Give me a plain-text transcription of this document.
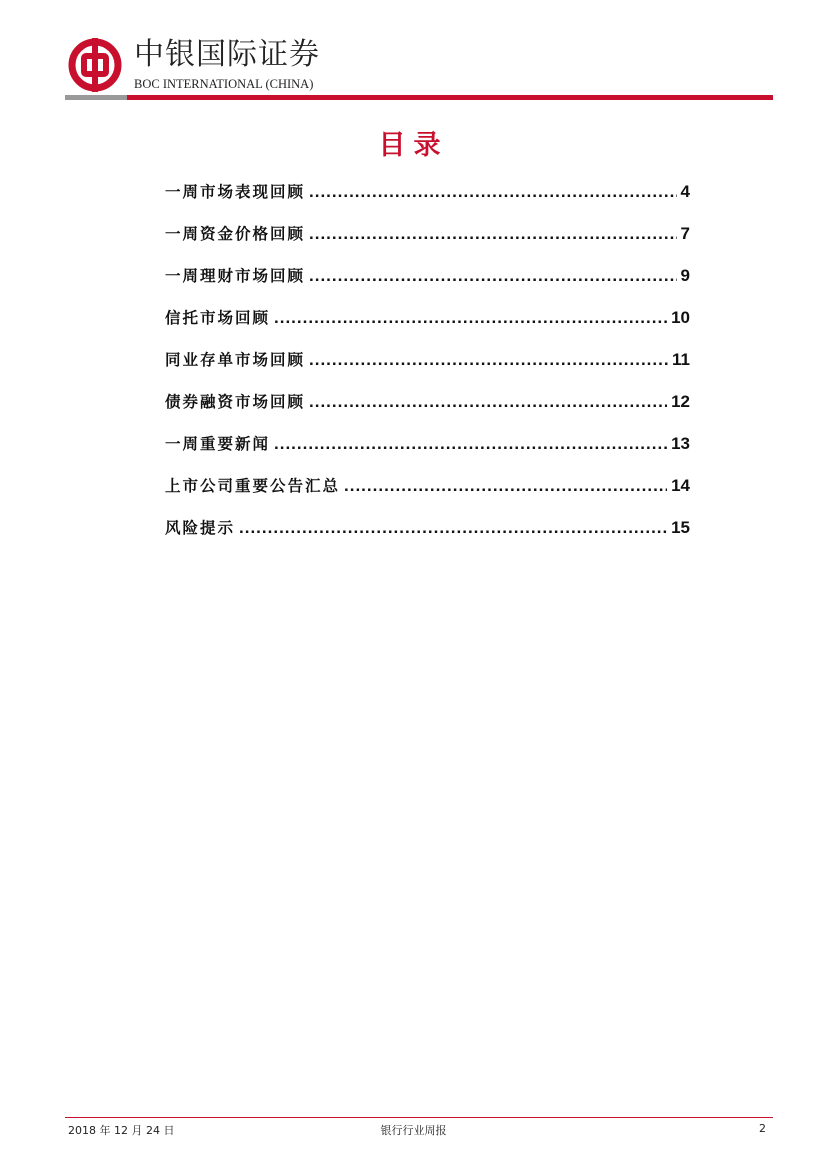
中银国际证券
BOC INTERNATIONAL (CHINA)
目录
一周市场表现回顾 .....	4
一周资金价格回顾 .....	7
一周理财市场回顾 .....	9
信托市场回顾 .....	10
同业存单市场回顾 .....	11
债券融资市场回顾 .....	12
一周重要新闻 .....	13
上市公司重要公告汇总 .....	14
风险提示 .....	15
2018 年 12 月 24 日	银行行业周报	2
